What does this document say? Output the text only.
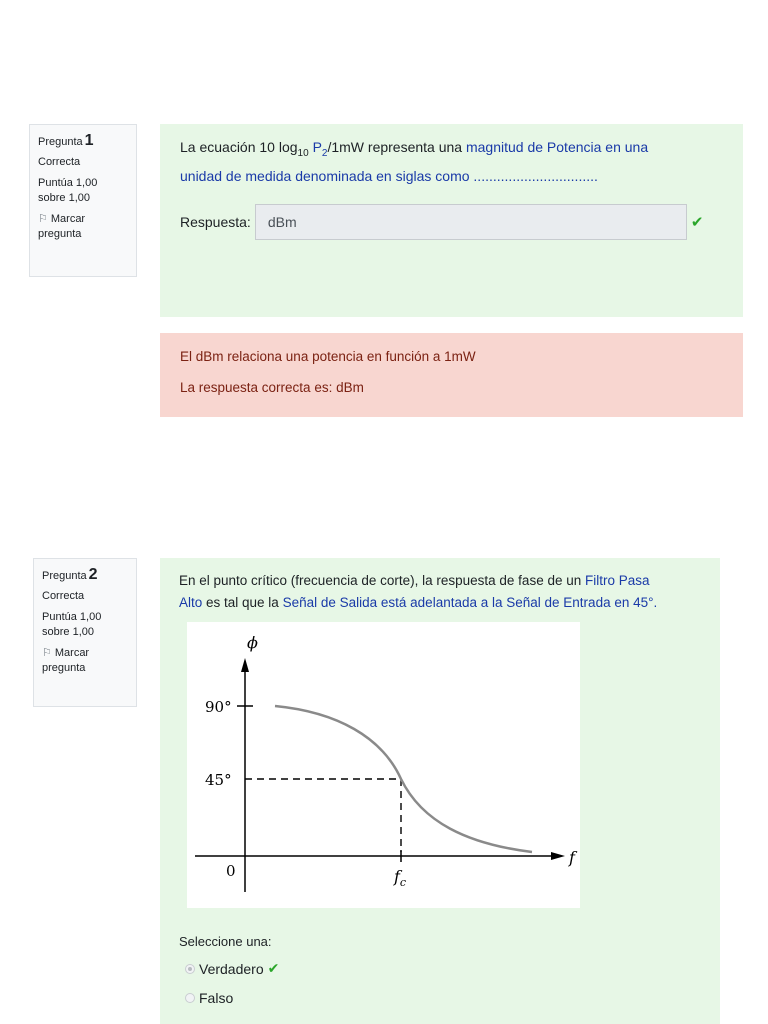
Pregunta 1
Correcta
Puntúa 1,00
sobre 1,00
⚐ Marcar
pregunta
La ecuación 10 $\log_{10} P_2/1mW$ representa una magnitud de Potencia en una
unidad de medida denominada en siglas como ................................
Respuesta:	dBm	✔
El dBm relaciona una potencia en función a 1mW
La respuesta correcta es: dBm
Pregunta 2
Correcta
Puntúa 1,00
sobre 1,00
⚐ Marcar
pregunta
En el punto crítico (frecuencia de corte), la respuesta de fase de un Filtro Pasa
Alto es tal que la Señal de Salida está adelantada a la Señal de Entrada en 45°.
ϕ
f
90°
45°
0	$f_c$
Seleccione una:
Verdadero ✔
Falso
